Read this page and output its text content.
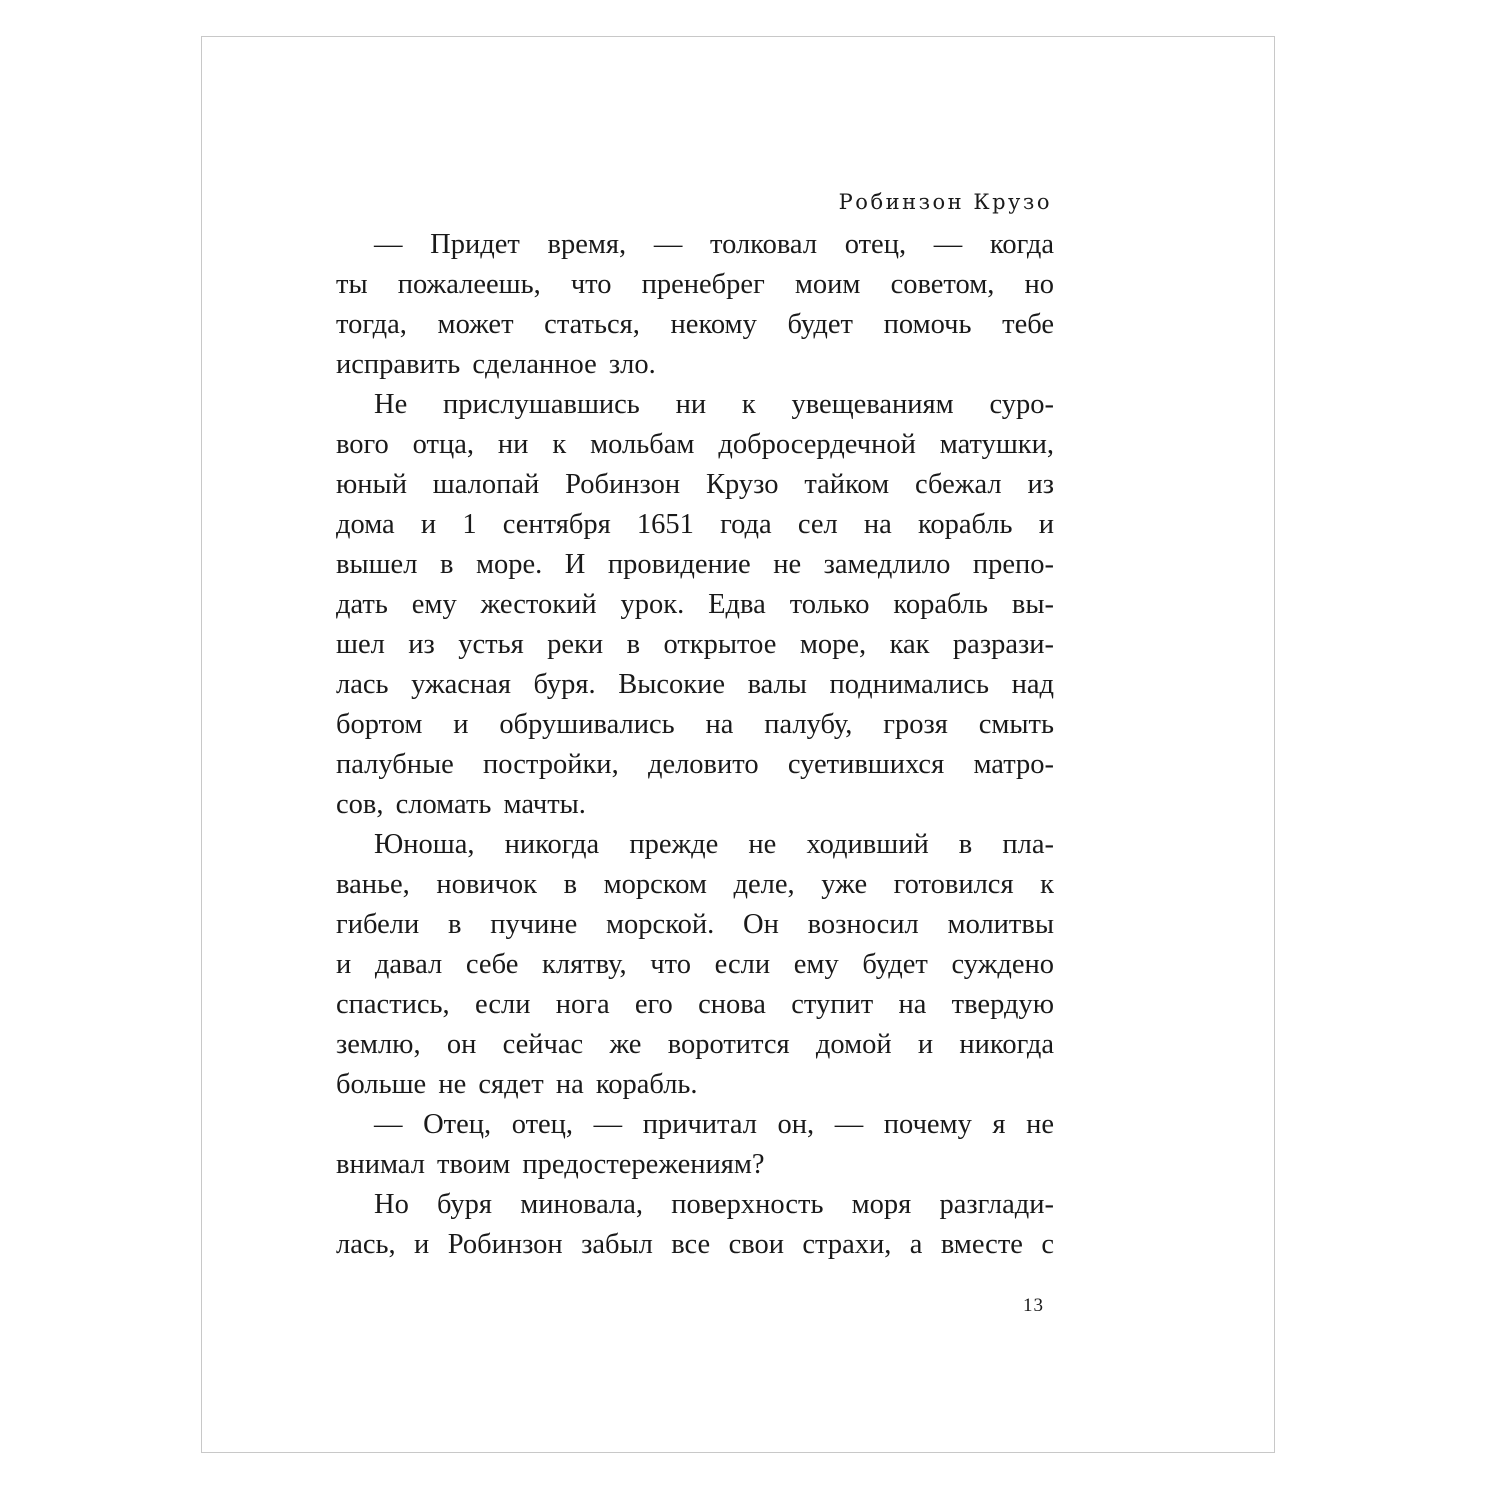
Робинзон Крузо
— Придет время, — толковал отец, — когда
ты пожалеешь, что пренебрег моим советом, но
тогда, может статься, некому будет помочь тебе
исправить сделанное зло.
Не прислушавшись ни к увещеваниям суро-
вого отца, ни к мольбам добросердечной матушки,
юный шалопай Робинзон Крузо тайком сбежал из
дома и 1 сентября 1651 года сел на корабль и
вышел в море. И провидение не замедлило препо-
дать ему жестокий урок. Едва только корабль вы-
шел из устья реки в открытое море, как разрази-
лась ужасная буря. Высокие валы поднимались над
бортом и обрушивались на палубу, грозя смыть
палубные постройки, деловито суетившихся матро-
сов, сломать мачты.
Юноша, никогда прежде не ходивший в пла-
ванье, новичок в морском деле, уже готовился к
гибели в пучине морской. Он возносил молитвы
и давал себе клятву, что если ему будет суждено
спастись, если нога его снова ступит на твердую
землю, он сейчас же воротится домой и никогда
больше не сядет на корабль.
— Отец, отец, — причитал он, — почему я не
внимал твоим предостережениям?
Но буря миновала, поверхность моря разглади-
лась, и Робинзон забыл все свои страхи, а вместе с
13
